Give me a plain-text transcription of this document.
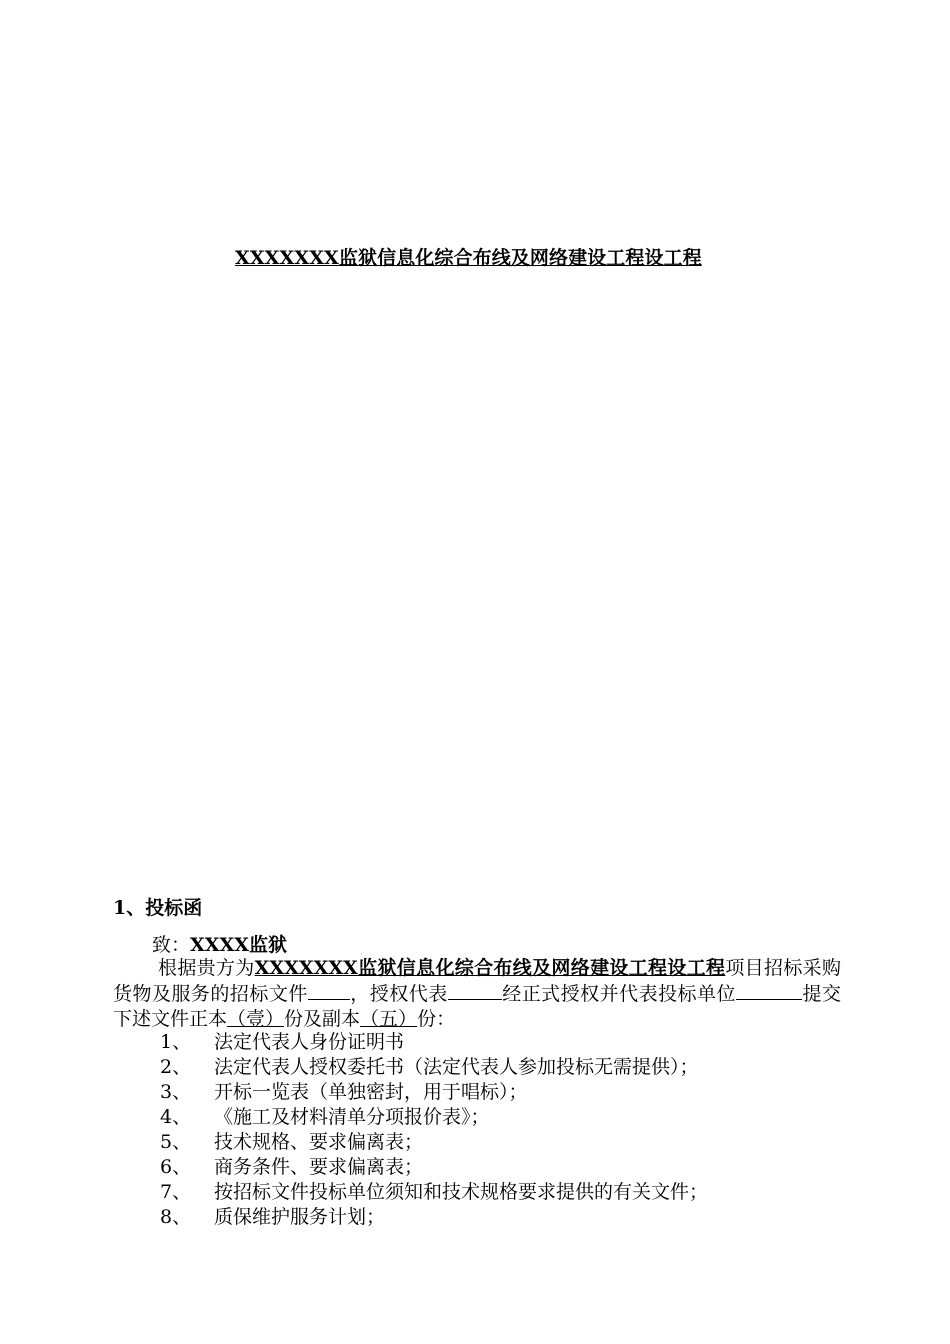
XXXXXXX监狱信息化综合布线及网络建设工程设工程
1、投标函
致：XXXX监狱
根据贵方为XXXXXXX监狱信息化综合布线及网络建设工程设工程项目招标采购货物及服务的招标文件 ，授权代表	经正式授权并代表投标单位	提交下述文件正本（壹）份及副本（五）份：
1、	法定代表人身份证明书
2、	法定代表人授权委托书（法定代表人参加投标无需提供）；
3、	开标一览表（单独密封，用于唱标）；
4、	《施工及材料清单分项报价表》；
5、	技术规格、要求偏离表；
6、	商务条件、要求偏离表；
7、	按招标文件投标单位须知和技术规格要求提供的有关文件；
8、	质保维护服务计划；
